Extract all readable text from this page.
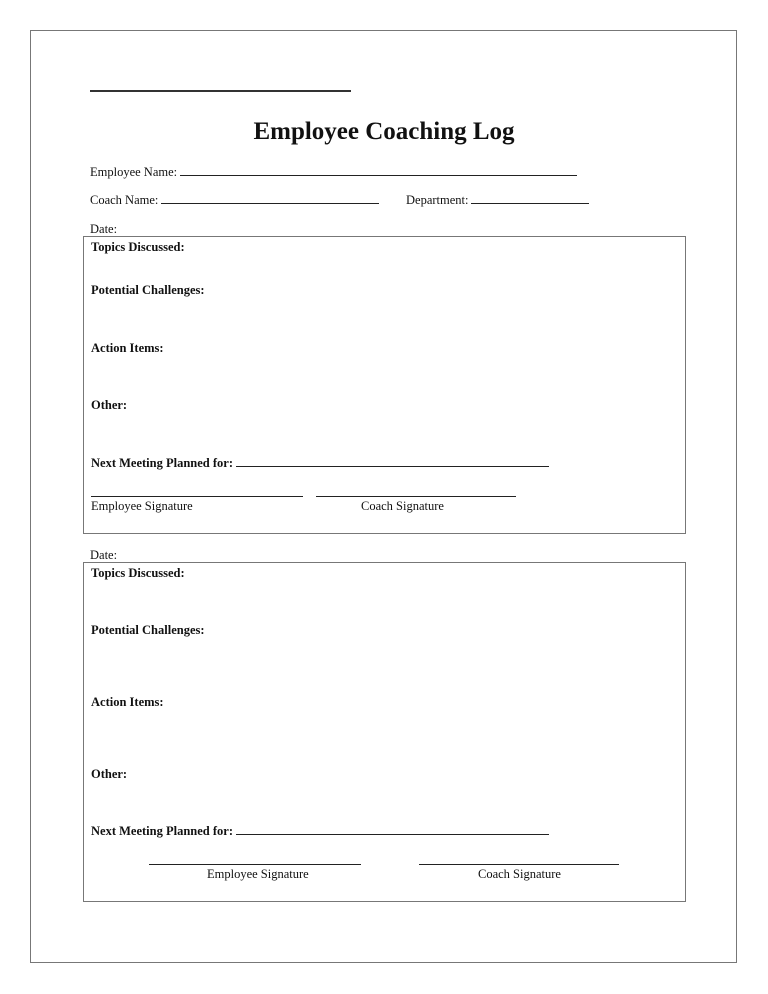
Employee Coaching Log
Employee Name:
Coach Name:	Department:
Date:
Topics Discussed:
Potential Challenges:
Action Items:
Other:
Next Meeting Planned for:
Employee Signature	Coach Signature
Date:
Topics Discussed:
Potential Challenges:
Action Items:
Other:
Next Meeting Planned for:
Employee Signature	Coach Signature
